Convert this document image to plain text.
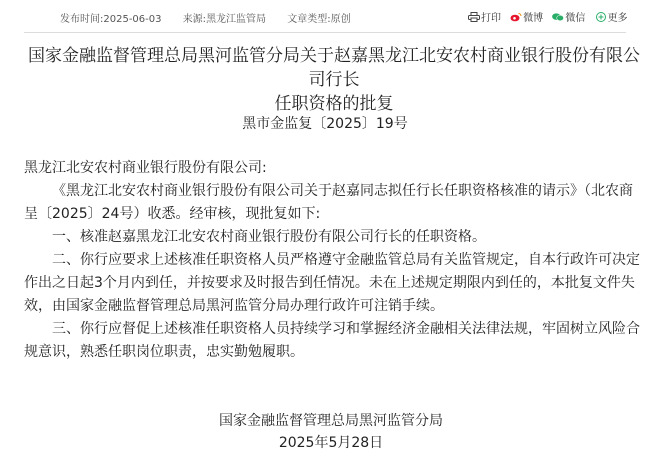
发布时间:2025-06-03 来源:黑龙江监管局 文章类型:原创	打印 微博 微信 更多
国家金融监督管理总局黑河监管分局关于赵嘉黑龙江北安农村商业银行股份有限公司行长
任职资格的批复
黑市金监复〔2025〕19号

黑龙江北安农村商业银行股份有限公司:

《黑龙江北安农村商业银行股份有限公司关于赵嘉同志拟任行长任职资格核准的请示》（北农商呈〔2025〕24号）收悉。经审核，现批复如下:

一、核准赵嘉黑龙江北安农村商业银行股份有限公司行长的任职资格。

二、你行应要求上述核准任职资格人员严格遵守金融监管总局有关监管规定，自本行政许可决定作出之日起3个月内到任，并按要求及时报告到任情况。未在上述规定期限内到任的，本批复文件失效，由国家金融监督管理总局黑河监管分局办理行政许可注销手续。

三、你行应督促上述核准任职资格人员持续学习和掌握经济金融相关法律法规，牢固树立风险合规意识，熟悉任职岗位职责，忠实勤勉履职。

国家金融监督管理总局黑河监管分局
2025年5月28日
